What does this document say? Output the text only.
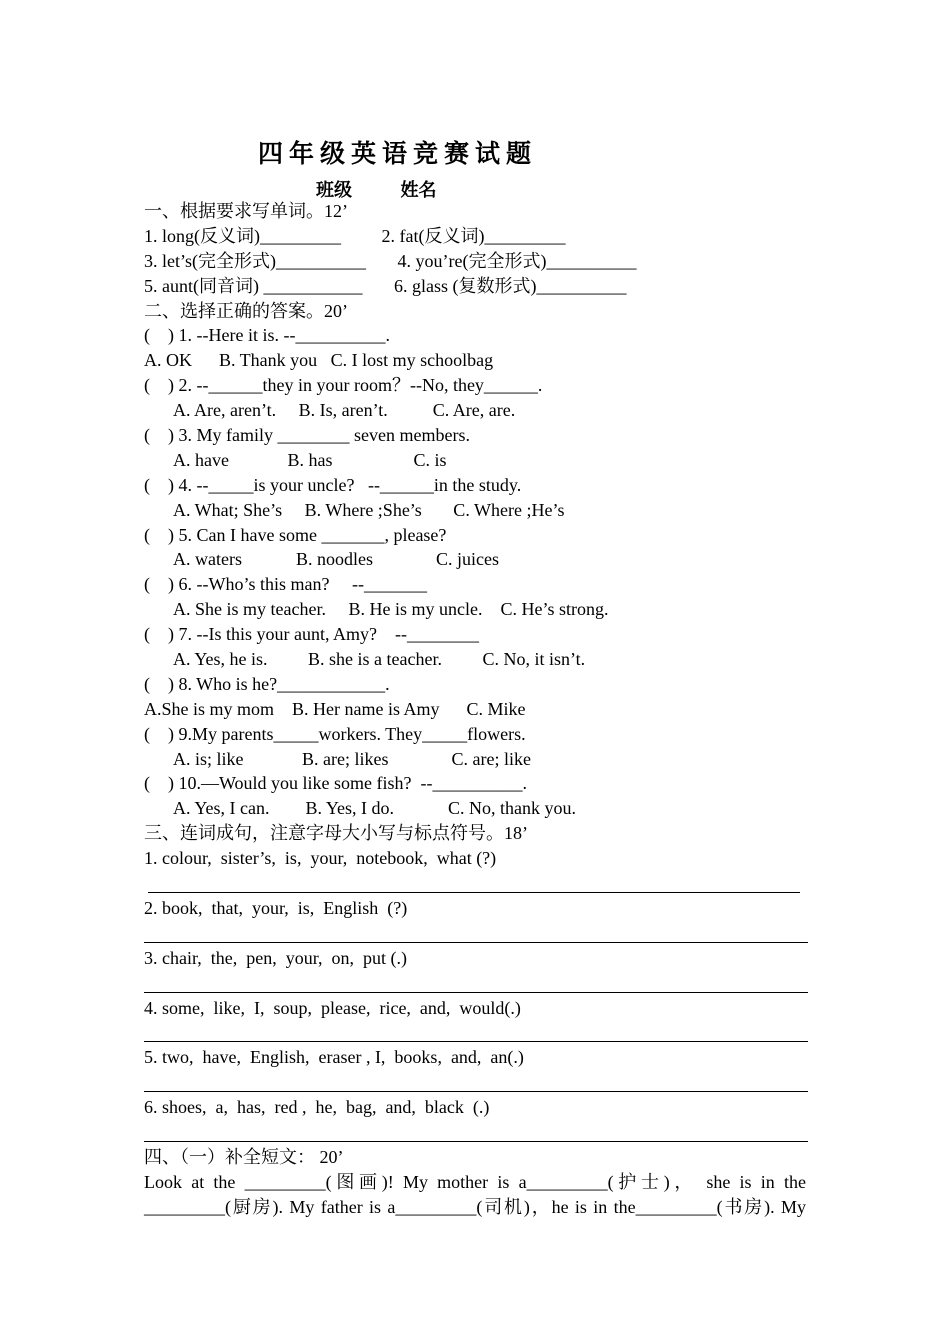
四年级英语竞赛试题
班级	姓名
一、根据要求写单词。12’
1. long(反义词)_________         2. fat(反义词)_________
3. let’s(完全形式)__________       4. you’re(完全形式)__________
5. aunt(同音词) ___________       6. glass (复数形式)__________
二、选择正确的答案。20’
(    ) 1. --Here it is. --__________.
A. OK      B. Thank you   C. I lost my schoolbag
(    ) 2. --______they in your room？--No, they______.
A. Are, aren’t.     B. Is, aren’t.          C. Are, are.
(    ) 3. My family ________ seven members.
A. have             B. has                  C. is
(    ) 4. --_____is your uncle?   --______in the study.
A. What; She’s     B. Where ;She’s       C. Where ;He’s
(    ) 5. Can I have some _______, please?
A. waters            B. noodles              C. juices
(    ) 6. --Who’s this man?     --_______
A. She is my teacher.     B. He is my uncle.    C. He’s strong.
(    ) 7. --Is this your aunt, Amy?    --________
A. Yes, he is.         B. she is a teacher.         C. No, it isn’t.
(    ) 8. Who is he?____________.
A.She is my mom    B. Her name is Amy      C. Mike
(    ) 9.My parents_____workers. They_____flowers.
A. is; like             B. are; likes              C. are; like
(    ) 10.—Would you like some fish?  --__________.
A. Yes, I can.        B. Yes, I do.            C. No, thank you.
三、连词成句，注意字母大小写与标点符号。18’
1. colour,  sister’s,  is,  your,  notebook,  what (?)
2. book,  that,  your,  is,  English  (?)
3. chair,  the,  pen,  your,  on,  put (.)
4. some,  like,  I,  soup,  please,  rice,  and,  would(.)
5. two,  have,  English,  eraser , I,  books,  and,  an(.)
6. shoes,  a,  has,  red ,  he,  bag,  and,  black  (.)
四、（一）补全短文： 20’
Look at the _________(图画)! My mother is a_________(护士)， she is in the
_________(厨房). My father is a_________(司机)，he is in the_________(书房). My
